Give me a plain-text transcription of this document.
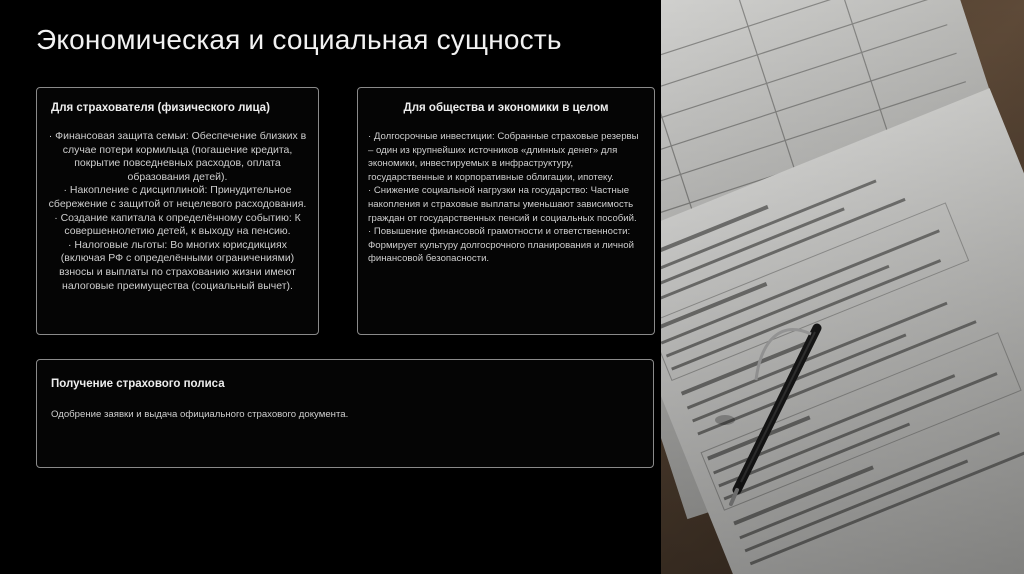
Экономическая и социальная сущность
Для страхователя (физического лица)
· Финансовая защита семьи: Обеспечение близких в случае потери кормильца (погашение кредита, покрытие повседневных расходов, оплата образования детей).
· Накопление с дисциплиной: Принудительное сбережение с защитой от нецелевого расходования.
· Создание капитала к определённому событию: К совершеннолетию детей, к выходу на пенсию.
· Налоговые льготы: Во многих юрисдикциях (включая РФ с определёнными ограничениями) взносы и выплаты по страхованию жизни имеют налоговые преимущества (социальный вычет).
Для общества и экономики в целом
· Долгосрочные инвестиции: Собранные страховые резервы – один из крупнейших источников «длинных денег» для экономики, инвестируемых в инфраструктуру, государственные и корпоративные облигации, ипотеку.
· Снижение социальной нагрузки на государство: Частные накопления и страховые выплаты уменьшают зависимость граждан от государственных пенсий и социальных пособий.
· Повышение финансовой грамотности и ответственности: Формирует культуру долгосрочного планирования и личной финансовой безопасности.
Получение страхового полиса
Одобрение заявки и выдача официального страхового документа.
